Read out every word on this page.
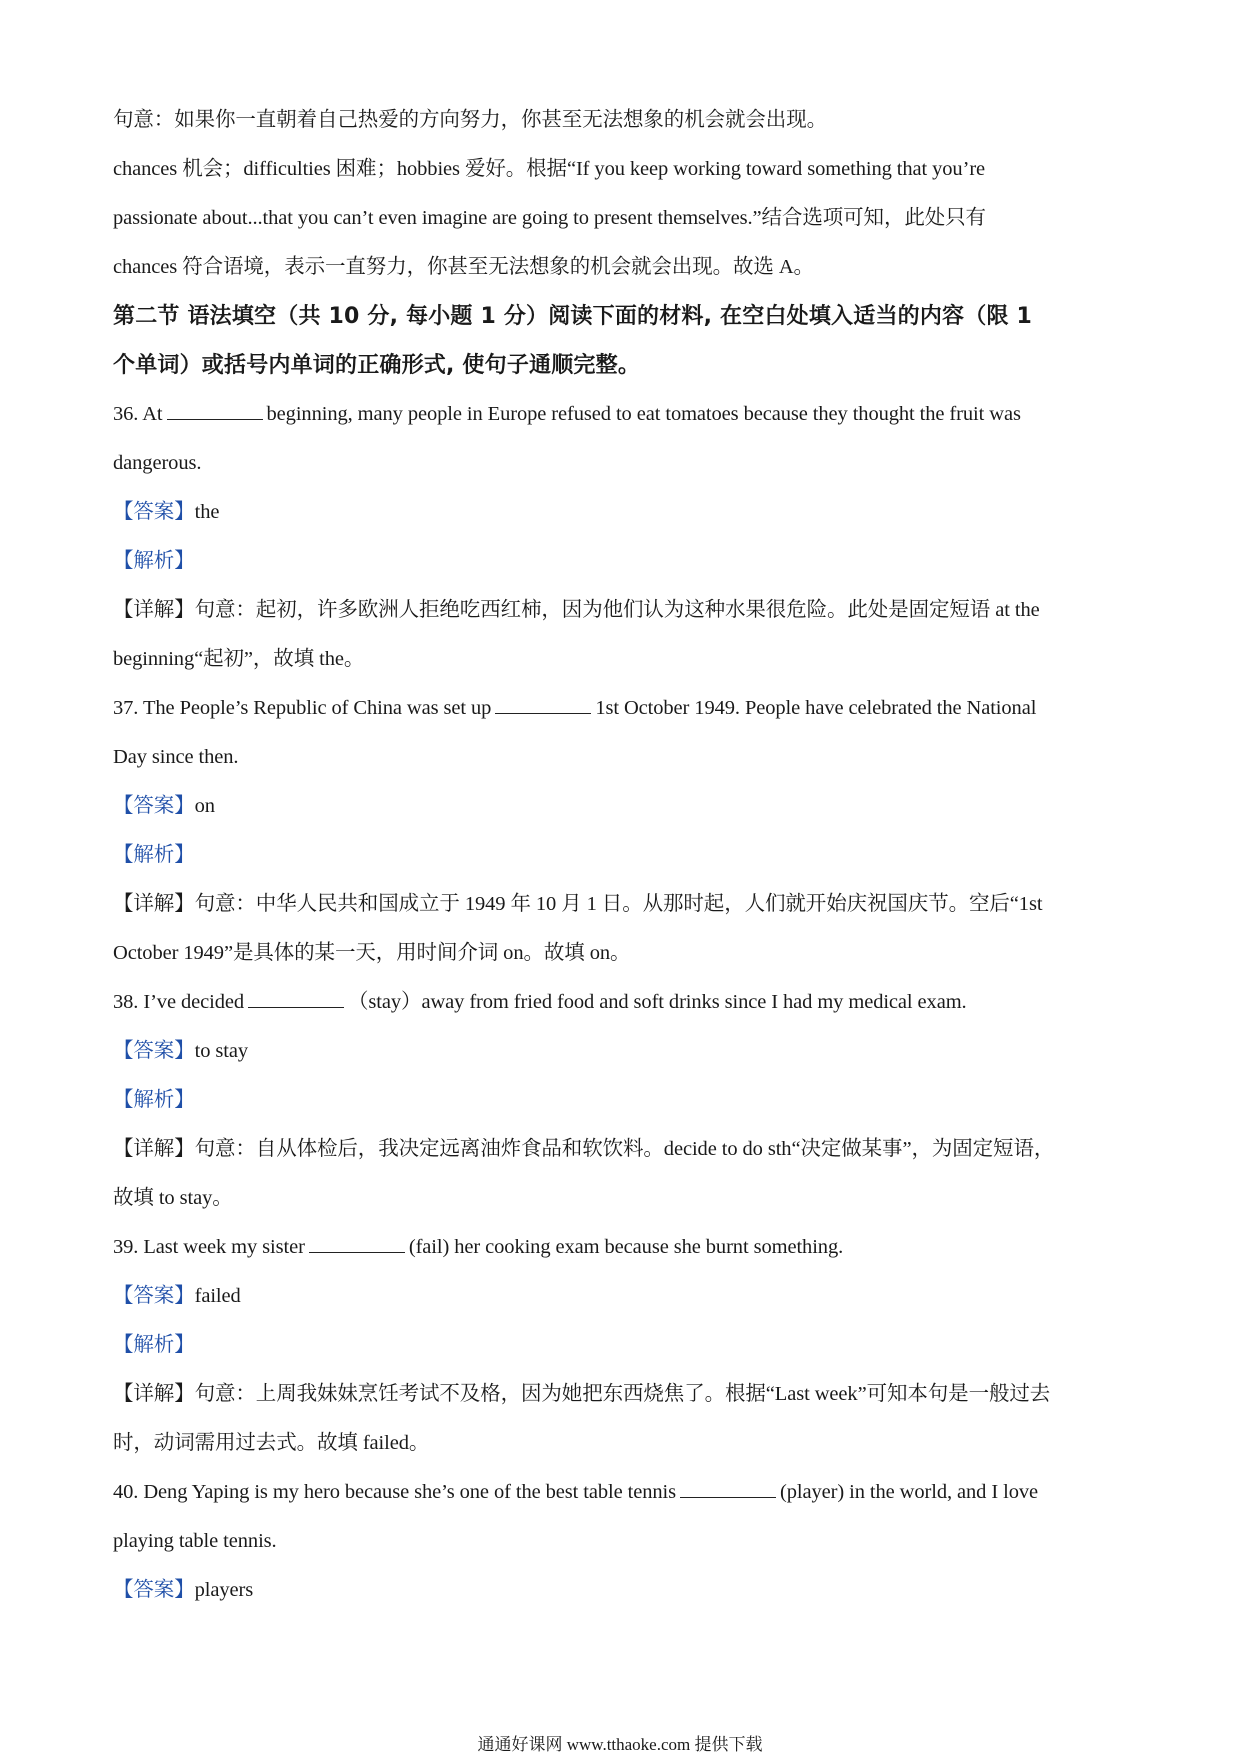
句意：如果你一直朝着自己热爱的方向努力，你甚至无法想象的机会就会出现。
chances 机会；difficulties 困难；hobbies 爱好。根据“If you keep working toward something that you’re
passionate about...that you can’t even imagine are going to present themselves.”结合选项可知，此处只有
chances 符合语境，表示一直努力，你甚至无法想象的机会就会出现。故选 A。
第二节 语法填空（共 10 分, 每小题 1 分）阅读下面的材料, 在空白处填入适当的内容（限 1
个单词）或括号内单词的正确形式, 使句子通顺完整。
36. At	beginning, many people in Europe refused to eat tomatoes because they thought the fruit was
dangerous.
【答案】the
【解析】
【详解】句意：起初，许多欧洲人拒绝吃西红柿，因为他们认为这种水果很危险。此处是固定短语 at the
beginning“起初”，故填 the。
37. The People’s Republic of China was set up	1st October 1949. People have celebrated the National
Day since then.
【答案】on
【解析】
【详解】句意：中华人民共和国成立于 1949 年 10 月 1 日。从那时起，人们就开始庆祝国庆节。空后“1st
October 1949”是具体的某一天，用时间介词 on。故填 on。
38. I’ve decided	（stay）away from fried food and soft drinks since I had my medical exam.
【答案】to stay
【解析】
【详解】句意：自从体检后，我决定远离油炸食品和软饮料。decide to do sth“决定做某事”，为固定短语，
故填 to stay。
39. Last week my sister	(fail) her cooking exam because she burnt something.
【答案】failed
【解析】
【详解】句意：上周我妹妹烹饪考试不及格，因为她把东西烧焦了。根据“Last week”可知本句是一般过去
时，动词需用过去式。故填 failed。
40. Deng Yaping is my hero because she’s one of the best table tennis	(player) in the world, and I love
playing table tennis.
【答案】players
通通好课网 www.tthaoke.com 提供下载
